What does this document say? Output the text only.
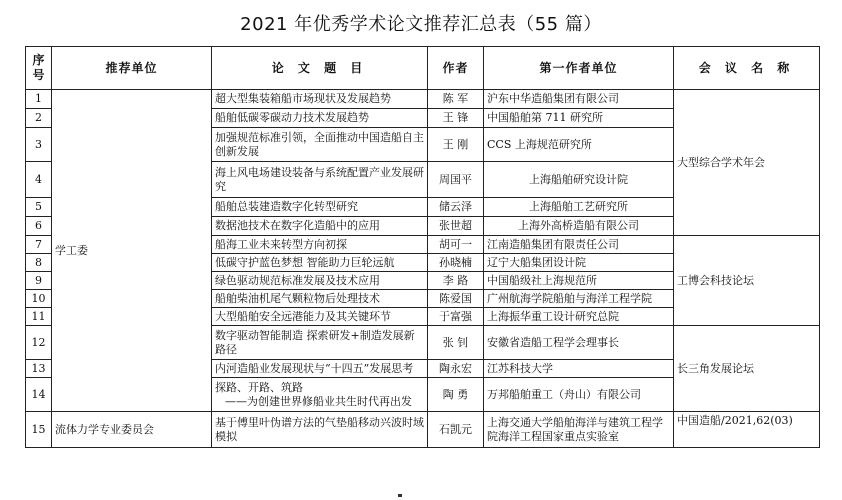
2021 年优秀学术论文推荐汇总表（55 篇）
序号	推荐单位	论 文 题 目	作者	第一作者单位	会 议 名 称
1	学工委	超大型集装箱船市场现状及发展趋势	陈 军	沪东中华造船集团有限公司	大型综合学术年会
2		船舶低碳零碳动力技术发展趋势	王 锋	中国船舶第 711 研究所	
3		加强规范标准引领，全面推动中国造船自主创新发展	王 刚	CCS 上海规范研究所	
4		海上风电场建设装备与系统配置产业发展研究	周国平	上海船舶研究设计院	
5		船舶总装建造数字化转型研究	储云泽	上海船舶工艺研究所	
6		数据池技术在数字化造船中的应用	张世超	上海外高桥造船有限公司	
7		船海工业未来转型方向初探	胡可一	江南造船集团有限责任公司	工博会科技论坛
8		低碳守护蓝色梦想 智能助力巨轮远航	孙晓楠	辽宁大船集团设计院	
9		绿色驱动规范标准发展及技术应用	李 路	中国船级社上海规范所	
10		船舶柴油机尾气颗粒物后处理技术	陈爱国	广州航海学院船舶与海洋工程学院	
11		大型船舶安全远港能力及其关键环节	于富强	上海振华重工设计研究总院	
12		数字驱动智能制造 探索研发+制造发展新路径	张 钊	安徽省造船工程学会理事长	长三角发展论坛
13		内河造船业发展现状与“十四五”发展思考	陶永宏	江苏科技大学	
14		探路、开路、筑路
——为创建世界修船业共生时代再出发	陶 勇	万邦船舶重工（舟山）有限公司	
15	流体力学专业委员会	基于傅里叶伪谱方法的气垫船移动兴波时域模拟	石凯元	上海交通大学船舶海洋与建筑工程学院海洋工程国家重点实验室	中国造船/2021,62(03)
